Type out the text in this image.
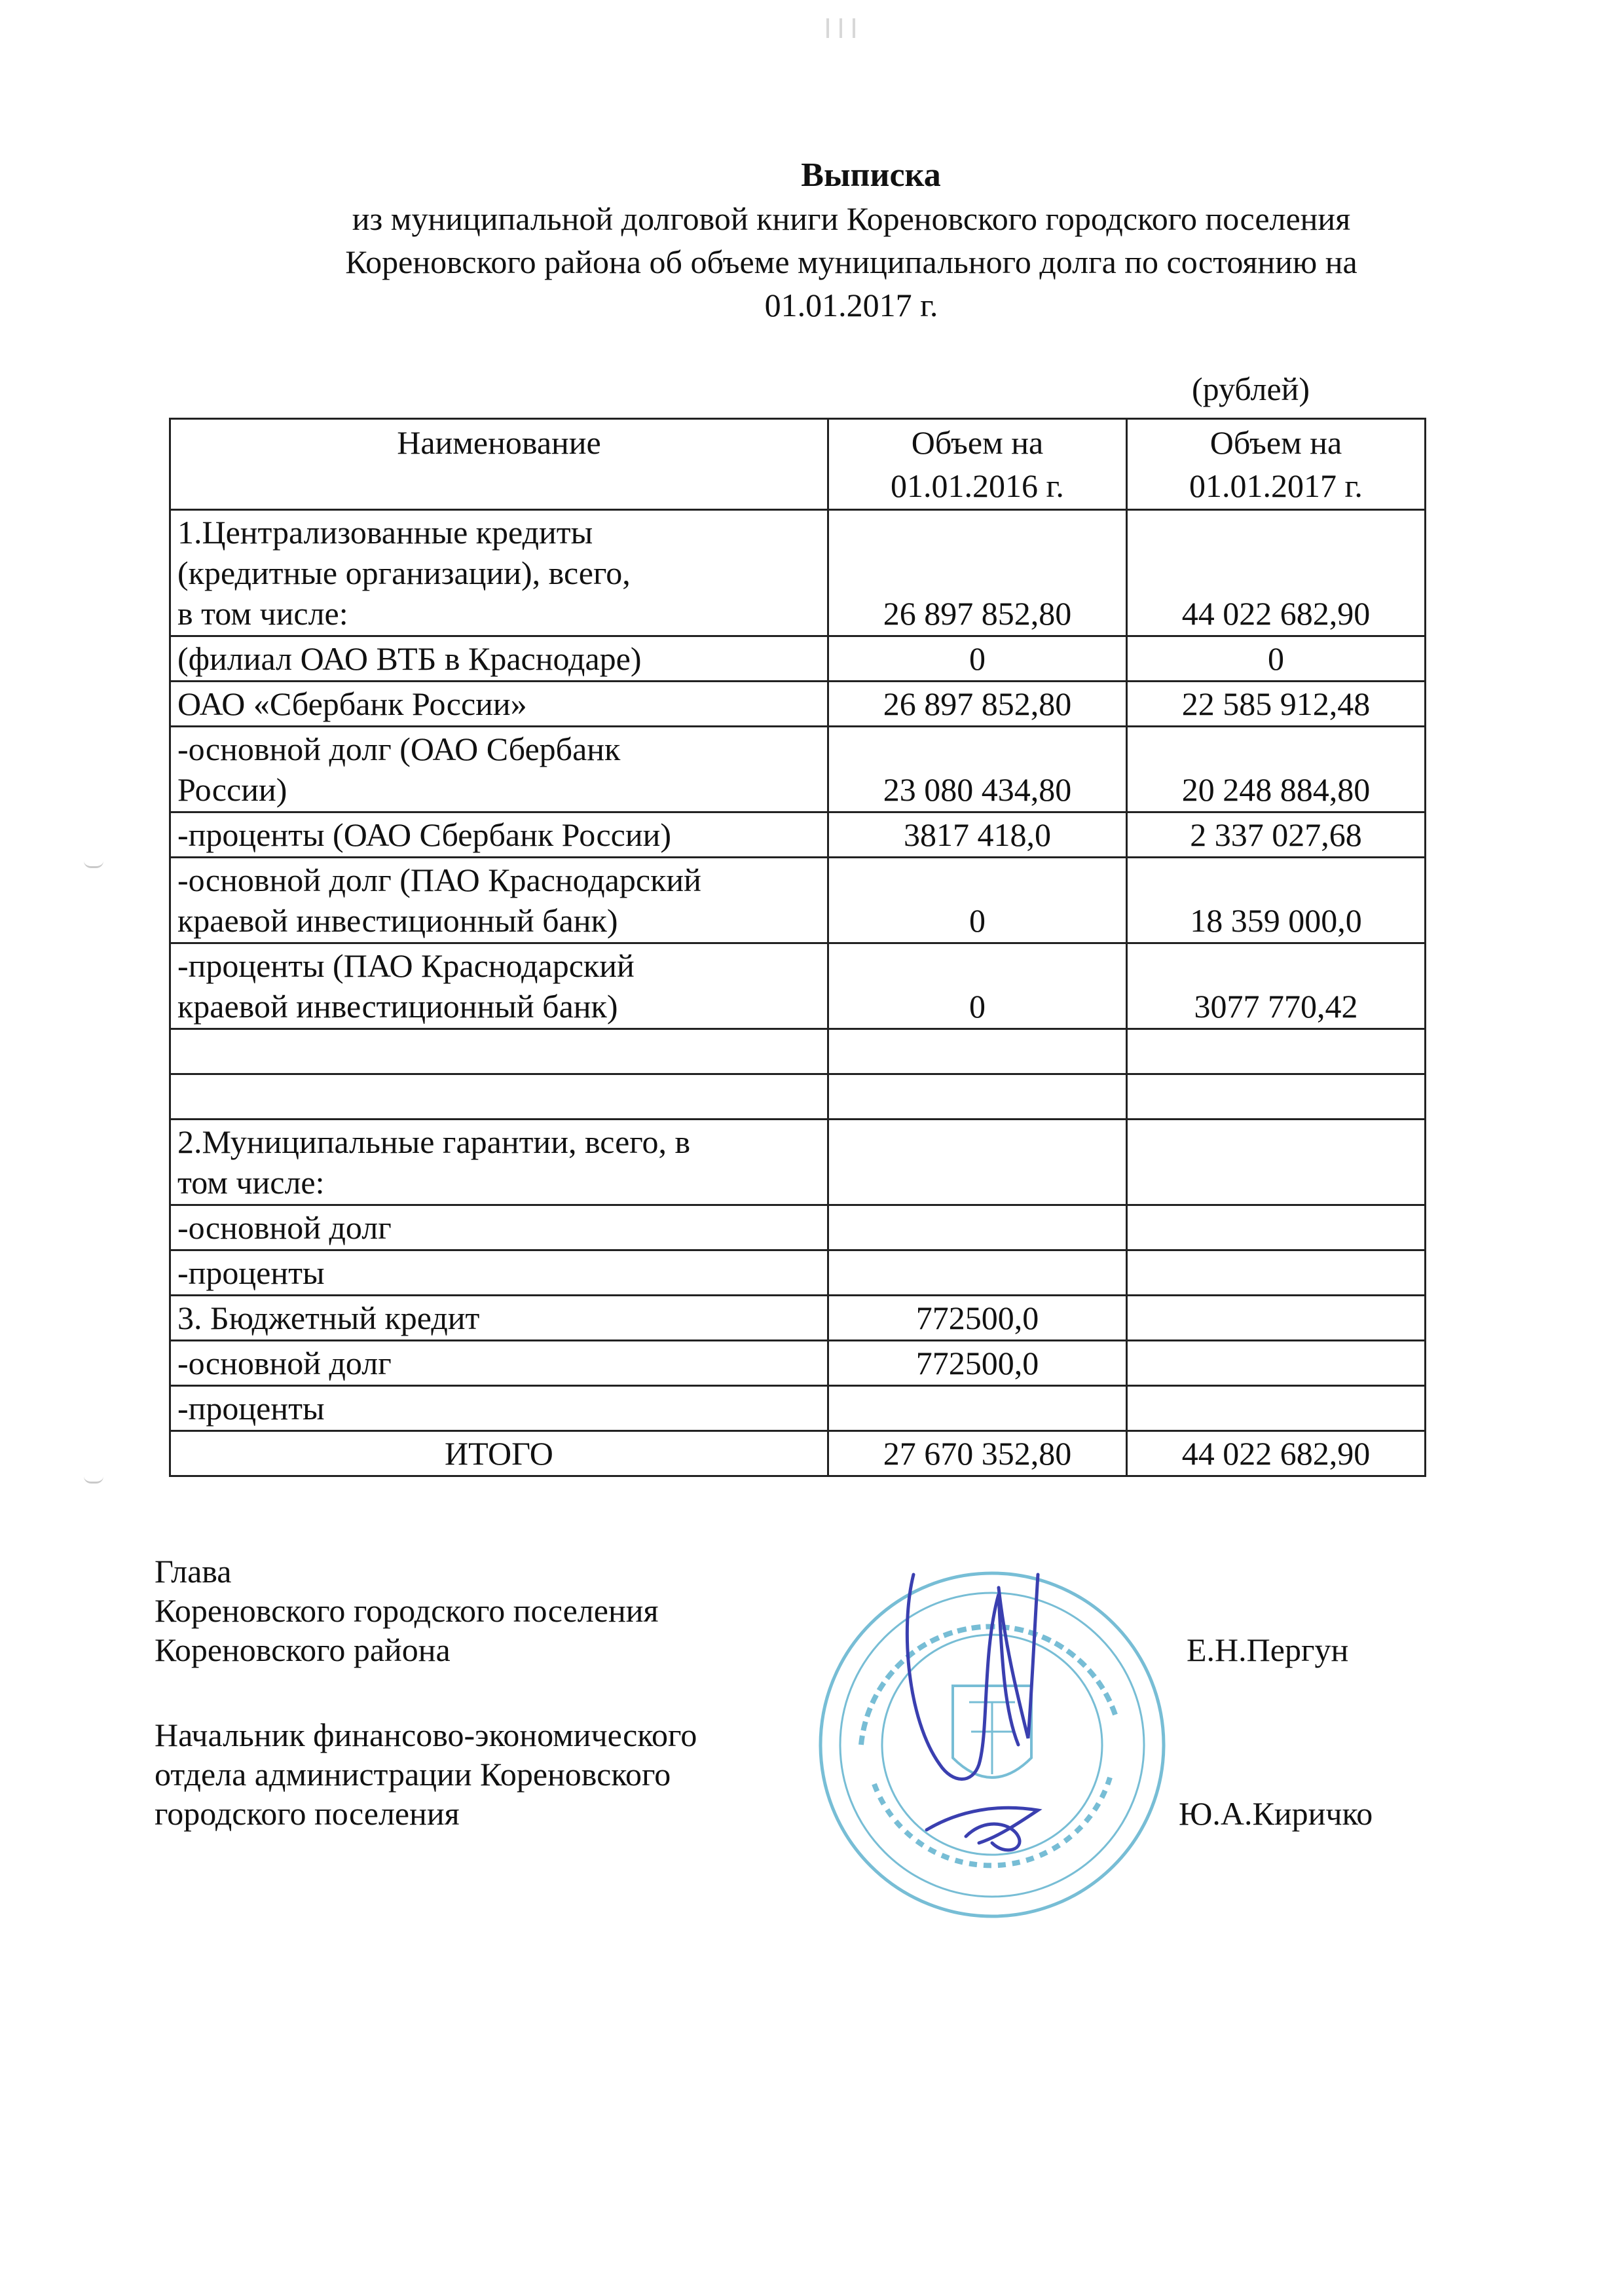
Выписка
из муниципальной долговой книги Кореновского городского поселения
Кореновского района об объеме муниципального долга по состоянию на
01.01.2017 г.
(рублей)
Наименование	Объем на 01.01.2016 г.	Объем на 01.01.2017 г.

1.Централизованные кредиты
(кредитные организации), всего,
в том числе:	26 897 852,80	44 022 682,90

(филиал ОАО ВТБ в Краснодаре)	0	0

ОАО «Сбербанк России»	26 897 852,80	22 585 912,48

-основной долг (ОАО Сбербанк
России)	23 080 434,80	20 248 884,80

-проценты (ОАО Сбербанк России)	3817 418,0	2 337 027,68

-основной долг (ПАО Краснодарский
краевой инвестиционный банк)	0	18 359 000,0

-проценты (ПАО Краснодарский
краевой инвестиционный банк)	0	3077 770,42

2.Муниципальные гарантии, всего, в
том числе:		

-основной долг		

-проценты		

3. Бюджетный кредит	772500,0	

-основной долг	772500,0	

-проценты		

ИТОГО	27 670 352,80	44 022 682,90
Глава
Кореновского городского поселения
Кореновского района	Е.Н.Пергун
Начальник финансово-экономического
отдела администрации Кореновского
городского поселения	Ю.А.Киричко
